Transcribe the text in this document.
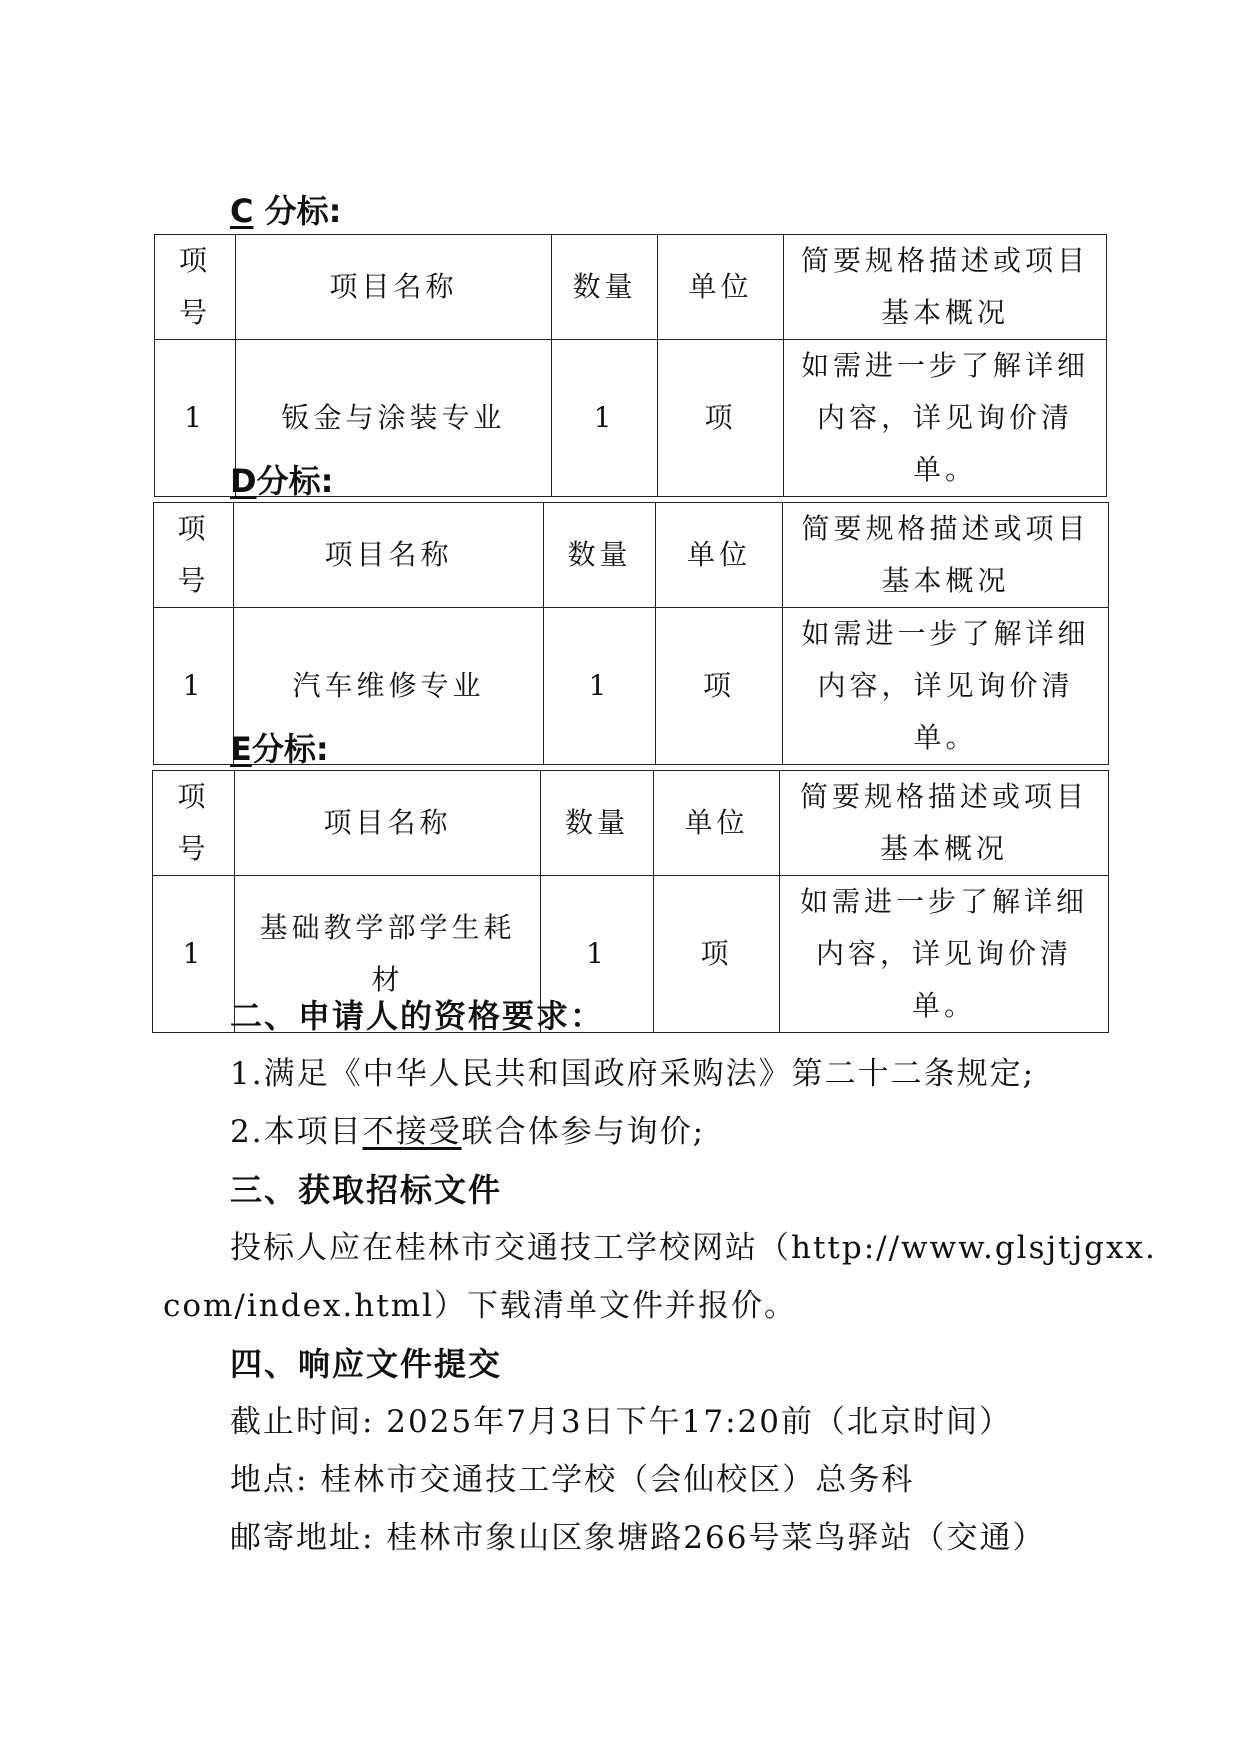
C 分标:
项号	项目名称	数量	单位	简要规格描述或项目基本概况
1	钣金与涂装专业	1	项	如需进一步了解详细内容，详见询价清单。
D分标:
项号	项目名称	数量	单位	简要规格描述或项目基本概况
1	汽车维修专业	1	项	如需进一步了解详细内容，详见询价清单。
E分标:
项号	项目名称	数量	单位	简要规格描述或项目基本概况
1	基础教学部学生耗材	1	项	如需进一步了解详细内容，详见询价清单。
二、申请人的资格要求：
1.满足《中华人民共和国政府采购法》第二十二条规定;
2.本项目不接受联合体参与询价;
三、获取招标文件
投标人应在桂林市交通技工学校网站（http://www.glsjtjgxx.
com/index.html）下载清单文件并报价。
四、响应文件提交
截止时间: 2025年7月3日下午17:20前（北京时间）
地点: 桂林市交通技工学校（会仙校区）总务科
邮寄地址: 桂林市象山区象塘路266号菜鸟驿站（交通）
